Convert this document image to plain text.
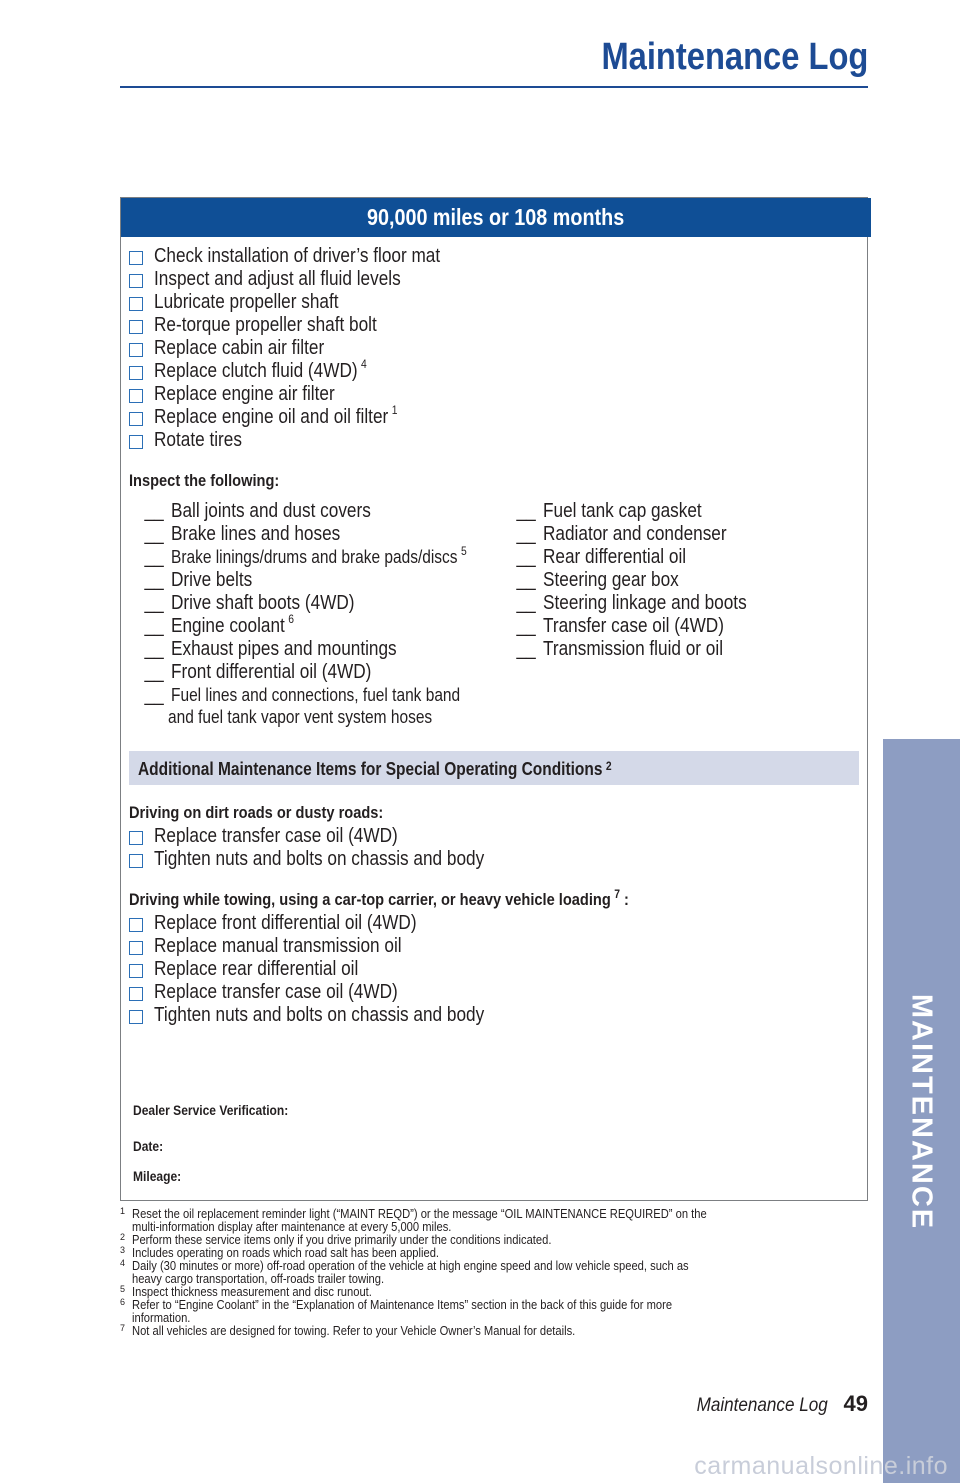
Maintenance Log
90,000 miles or 108 months
Check installation of driver’s floor mat
Inspect and adjust all fluid levels
Lubricate propeller shaft
Re-torque propeller shaft bolt
Replace cabin air filter
Replace clutch fluid (4WD) $^4$
Replace engine air filter
Replace engine oil and oil filter $^1$
Rotate tires
Inspect the following:
__ Ball joints and dust covers
__ Brake lines and hoses
__ Brake linings/drums and brake pads/discs $^5$
__ Drive belts
__ Drive shaft boots (4WD)
__ Engine coolant $^6$
__ Exhaust pipes and mountings
__ Front differential oil (4WD)
__ Fuel lines and connections, fuel tank band
and fuel tank vapor vent system hoses
__ Fuel tank cap gasket
__ Radiator and condenser
__ Rear differential oil
__ Steering gear box
__ Steering linkage and boots
__ Transfer case oil (4WD)
__ Transmission fluid or oil
Additional Maintenance Items for Special Operating Conditions $^2$
Driving on dirt roads or dusty roads:
Replace transfer case oil (4WD)
Tighten nuts and bolts on chassis and body
Driving while towing, using a car-top carrier, or heavy vehicle loading $^7$ :
Replace front differential oil (4WD)
Replace manual transmission oil
Replace rear differential oil
Replace transfer case oil (4WD)
Tighten nuts and bolts on chassis and body
Dealer Service Verification:
Date:
Mileage:
1 Reset the oil replacement reminder light (“MAINT REQD”) or the message “OIL MAINTENANCE REQUIRED” on the
multi-information display after maintenance at every 5,000 miles.
2 Perform these service items only if you drive primarily under the conditions indicated.
3 Includes operating on roads which road salt has been applied.
4 Daily (30 minutes or more) off-road operation of the vehicle at high engine speed and low vehicle speed, such as
heavy cargo transportation, off-roads trailer towing.
5 Inspect thickness measurement and disc runout.
6 Refer to “Engine Coolant” in the “Explanation of Maintenance Items” section in the back of this guide for more
information.
7 Not all vehicles are designed for towing. Refer to your Vehicle Owner’s Manual for details.
Maintenance Log 49
MAINTENANCE
carmanualsonline.info
